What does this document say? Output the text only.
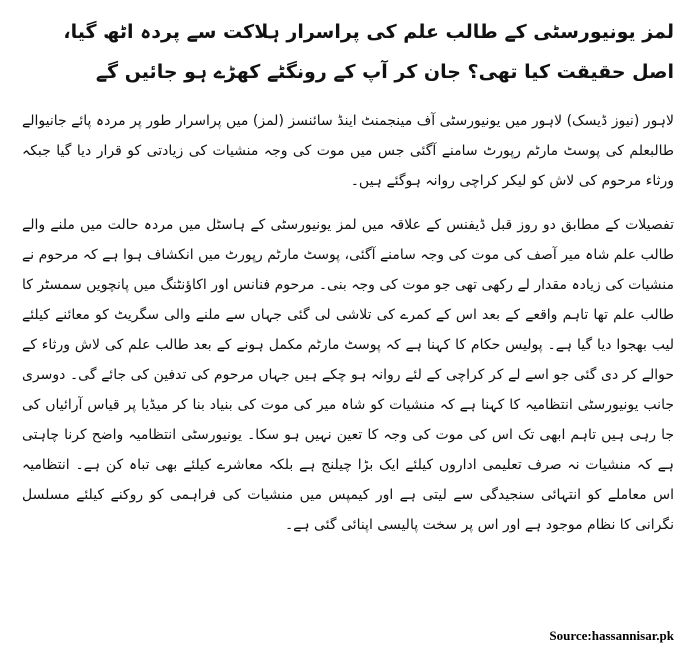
لمز یونیورسٹی کے طالب علم کی پراسرار ہلاکت سے پردہ اٹھ گیا، اصل حقیقت کیا تھی؟ جان کر آپ کے رونگٹے کھڑے ہو جائیں گے

لاہور (نیوز ڈیسک) لاہور میں یونیورسٹی آف مینجمنٹ اینڈ سائنسز (لمز) میں پراسرار طور پر مردہ پائے جانیوالے طالبعلم کی پوسٹ مارٹم رپورٹ سامنے آگئی جس میں موت کی وجہ منشیات کی زیادتی کو قرار دیا گیا جبکہ ورثاء مرحوم کی لاش کو لیکر کراچی روانہ ہوگئے ہیں۔

تفصیلات کے مطابق دو روز قبل ڈیفنس کے علاقہ میں لمز یونیورسٹی کے ہاسٹل میں مردہ حالت میں ملنے والے طالب علم شاہ میر آصف کی موت کی وجہ سامنے آگئی، پوسٹ مارٹم رپورٹ میں انکشاف ہوا ہے کہ مرحوم نے منشیات کی زیادہ مقدار لے رکھی تھی جو موت کی وجہ بنی۔ مرحوم فنانس اور اکاؤنٹنگ میں پانچویں سمسٹر کا طالب علم تھا تاہم واقعے کے بعد اس کے کمرے کی تلاشی لی گئی جہاں سے ملنے والی سگریٹ کو معائنے کیلئے لیب بھجوا دیا گیا ہے۔ پولیس حکام کا کہنا ہے کہ پوسٹ مارٹم مکمل ہونے کے بعد طالب علم کی لاش ورثاء کے حوالے کر دی گئی جو اسے لے کر کراچی کے لئے روانہ ہو چکے ہیں جہاں مرحوم کی تدفین کی جائے گی۔ دوسری جانب یونیورسٹی انتظامیہ کا کہنا ہے کہ منشیات کو شاہ میر کی موت کی بنیاد بنا کر میڈیا پر قیاس آرائیاں کی جا رہی ہیں تاہم ابھی تک اس کی موت کی وجہ کا تعین نہیں ہو سکا۔ یونیورسٹی انتظامیہ واضح کرنا چاہتی ہے کہ منشیات نہ صرف تعلیمی اداروں کیلئے ایک بڑا چیلنج ہے بلکہ معاشرے کیلئے بھی تباہ کن ہے۔ انتظامیہ اس معاملے کو انتہائی سنجیدگی سے لیتی ہے اور کیمپس میں منشیات کی فراہمی کو روکنے کیلئے مسلسل نگرانی کا نظام موجود ہے اور اس پر سخت پالیسی اپنائی گئی ہے۔

Source:hassannisar.pk
